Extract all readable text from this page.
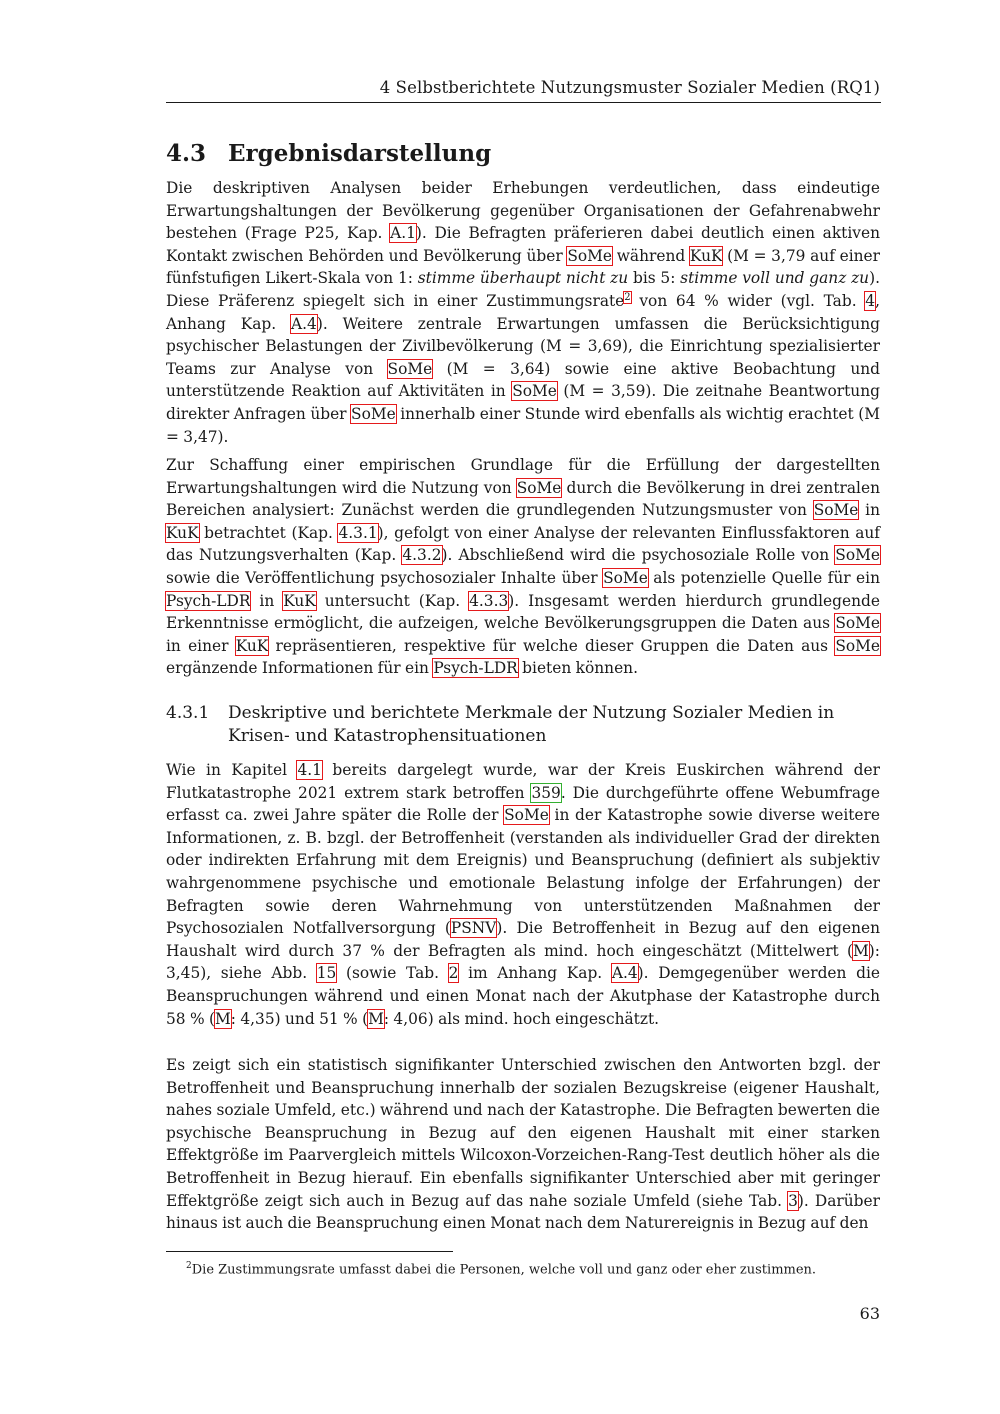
4 Selbstberichtete Nutzungsmuster Sozialer Medien (RQ1)
4.3 Ergebnisdarstellung
Die deskriptiven Analysen beider Erhebungen verdeutlichen, dass eindeutige Erwartungshaltungen der Bevölkerung gegenüber Organisationen der Gefahrenabwehr bestehen (Frage P25, Kap. A.1). Die Befragten präferieren dabei deutlich einen aktiven Kontakt zwischen Behörden und Bevölkerung über SoMe während KuK (M = 3,79 auf einer fünfstufigen Likert-Skala von 1: stimme überhaupt nicht zu bis 5: stimme voll und ganz zu). Diese Präferenz spiegelt sich in einer Zustimmungsrate$^2$ von 64 % wider (vgl. Tab. 4, Anhang Kap. A.4). Weitere zentrale Erwartungen umfassen die Berücksichtigung psychischer Belastungen der Zivilbevölkerung (M = 3,69), die Einrichtung spezialisierter Teams zur Analyse von SoMe (M = 3,64) sowie eine aktive Beobachtung und unterstützende Reaktion auf Aktivitäten in SoMe (M = 3,59). Die zeitnahe Beantwortung direkter Anfragen über SoMe innerhalb einer Stunde wird ebenfalls als wichtig erachtet (M = 3,47).
Zur Schaffung einer empirischen Grundlage für die Erfüllung der dargestellten Erwartungshaltungen wird die Nutzung von SoMe durch die Bevölkerung in drei zentralen Bereichen analysiert: Zunächst werden die grundlegenden Nutzungsmuster von SoMe in KuK betrachtet (Kap. 4.3.1), gefolgt von einer Analyse der relevanten Einflussfaktoren auf das Nutzungsverhalten (Kap. 4.3.2). Abschließend wird die psychosoziale Rolle von SoMe sowie die Veröffentlichung psychosozialer Inhalte über SoMe als potenzielle Quelle für ein Psych-LDR in KuK untersucht (Kap. 4.3.3). Insgesamt werden hierdurch grundlegende Erkenntnisse ermöglicht, die aufzeigen, welche Bevölkerungsgruppen die Daten aus SoMe in einer KuK repräsentieren, respektive für welche dieser Gruppen die Daten aus SoMe ergänzende Informationen für ein Psych-LDR bieten können.
4.3.1	Deskriptive und berichtete Merkmale der Nutzung Sozialer Medien in Krisen- und Katastrophensituationen
Wie in Kapitel 4.1 bereits dargelegt wurde, war der Kreis Euskirchen während der Flutkatastrophe 2021 extrem stark betroffen 359. Die durchgeführte offene Webumfrage erfasst ca. zwei Jahre später die Rolle der SoMe in der Katastrophe sowie diverse weitere Informationen, z. B. bzgl. der Betroffenheit (verstanden als individueller Grad der direkten oder indirekten Erfahrung mit dem Ereignis) und Beanspruchung (definiert als subjektiv wahrgenommene psychische und emotionale Belastung infolge der Erfahrungen) der Befragten sowie deren Wahrnehmung von unterstützenden Maßnahmen der Psychosozialen Notfallversorgung (PSNV). Die Betroffenheit in Bezug auf den eigenen Haushalt wird durch 37 % der Befragten als mind. hoch eingeschätzt (Mittelwert (M): 3,45), siehe Abb. 15 (sowie Tab. 2 im Anhang Kap. A.4). Demgegenüber werden die Beanspruchungen während und einen Monat nach der Akutphase der Katastrophe durch 58 % (M: 4,35) und 51 % (M: 4,06) als mind. hoch eingeschätzt.
Es zeigt sich ein statistisch signifikanter Unterschied zwischen den Antworten bzgl. der Betroffenheit und Beanspruchung innerhalb der sozialen Bezugskreise (eigener Haushalt, nahes soziale Umfeld, etc.) während und nach der Katastrophe. Die Befragten bewerten die psychische Beanspruchung in Bezug auf den eigenen Haushalt mit einer starken Effektgröße im Paarvergleich mittels Wilcoxon-Vorzeichen-Rang-Test deutlich höher als die Betroffenheit in Bezug hierauf. Ein ebenfalls signifikanter Unterschied aber mit geringer Effektgröße zeigt sich auch in Bezug auf das nahe soziale Umfeld (siehe Tab. 3). Darüber hinaus ist auch die Beanspruchung einen Monat nach dem Naturereignis in Bezug auf den
$^2$Die Zustimmungsrate umfasst dabei die Personen, welche voll und ganz oder eher zustimmen.
63
